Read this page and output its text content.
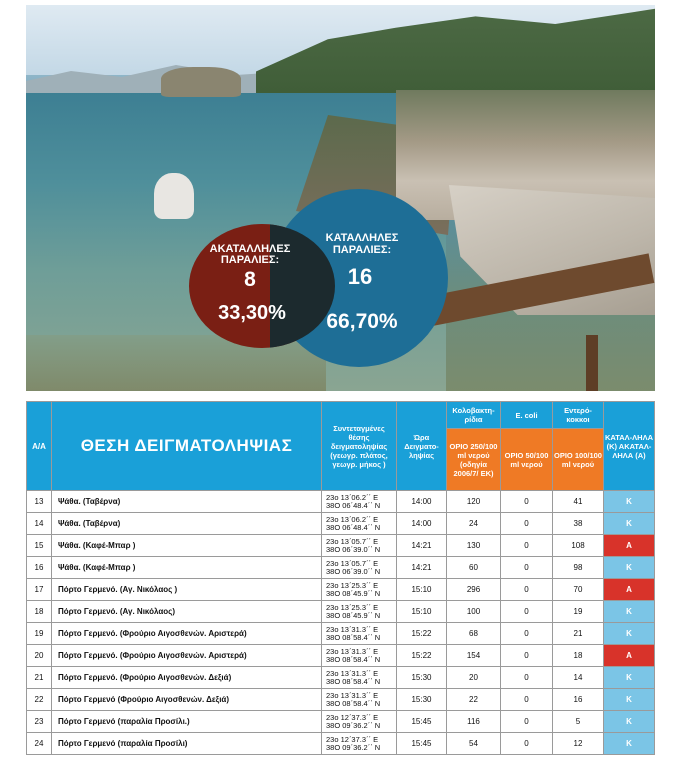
ΑΚΑΤΑΛΛΗΛΕΣ ΠΑΡΑΛΙΕΣ:
8
33,30%
ΚΑΤΑΛΛΗΛΕΣ ΠΑΡΑΛΙΕΣ:
16
66,70%
Α/Α	ΘΕΣΗ ΔΕΙΓΜΑΤΟΛΗΨΙΑΣ	Συντεταγμένες θέσης δειγματοληψίας (γεωγρ. πλάτος, γεωγρ. μήκος )	Ώρα Δειγματο-ληψίας	Κολοβακτη-ρίδια	E. coli	Εντερό-κοκκοι	ΚΑΤΑΛ-ΛΗΛΑ (Κ) ΑΚΑΤΑΛ-ΛΗΛΑ (Α)
				ΟΡΙΟ 250/100 ml νερού (οδηγία 2006/7/ ΕΚ)	ΟΡΙΟ 50/100 ml νερού	ΟΡΙΟ 100/100 ml νερού	
13	Ψάθα. (Ταβέρνα)	23ο 13΄06.2΄΄ Ε
38Ο 06΄48.4΄΄ Ν	14:00	120	0	41	Κ
14	Ψάθα. (Ταβέρνα)	23ο 13΄06.2΄΄ Ε
38Ο 06΄48.4΄΄ Ν	14:00	24	0	38	Κ
15	Ψάθα. (Καφέ-Μπαρ )	23ο 13΄05.7΄΄ Ε
38Ο 06΄39.0΄΄ Ν	14:21	130	0	108	Α
16	Ψάθα. (Καφέ-Μπαρ )	23ο 13΄05.7΄΄ Ε
38Ο 06΄39.0΄΄ Ν	14:21	60	0	98	Κ
17	Πόρτο Γερμενό. (Αγ. Νικόλαος )	23ο 13΄25.3΄΄ Ε
38Ο 08΄45.9΄΄ Ν	15:10	296	0	70	Α
18	Πόρτο Γερμενό. (Αγ. Νικόλαος)	23ο 13΄25.3΄΄ Ε
38Ο 08΄45.9΄΄ Ν	15:10	100	0	19	Κ
19	Πόρτο Γερμενό. (Φρούριο Αιγοσθενών. Αριστερά)	23ο 13΄31.3΄΄ Ε
38Ο 08΄58.4΄΄ Ν	15:22	68	0	21	Κ
20	Πόρτο Γερμενό. (Φρούριο Αιγοσθενών. Αριστερά)	23ο 13΄31.3΄΄ Ε
38Ο 08΄58.4΄΄ Ν	15:22	154	0	18	Α
21	Πόρτο Γερμενό. (Φρούριο Αιγοσθενών. Δεξιά)	23ο 13΄31.3΄΄ Ε
38Ο 08΄58.4΄΄ Ν	15:30	20	0	14	Κ
22	Πόρτο Γερμενό (Φρούριο Αιγοσθενών. Δεξιά)	23ο 13΄31.3΄΄ Ε
38Ο 08΄58.4΄΄ Ν	15:30	22	0	16	Κ
23	Πόρτο Γερμενό (παραλία Προσίλι.)	23ο 12΄37.3΄΄ Ε
38Ο 09΄36.2΄΄ Ν	15:45	116	0	5	Κ
24	Πόρτο Γερμενό (παραλία Προσίλι)	23ο 12΄37.3΄΄ Ε
38Ο 09΄36.2΄΄ Ν	15:45	54	0	12	Κ
